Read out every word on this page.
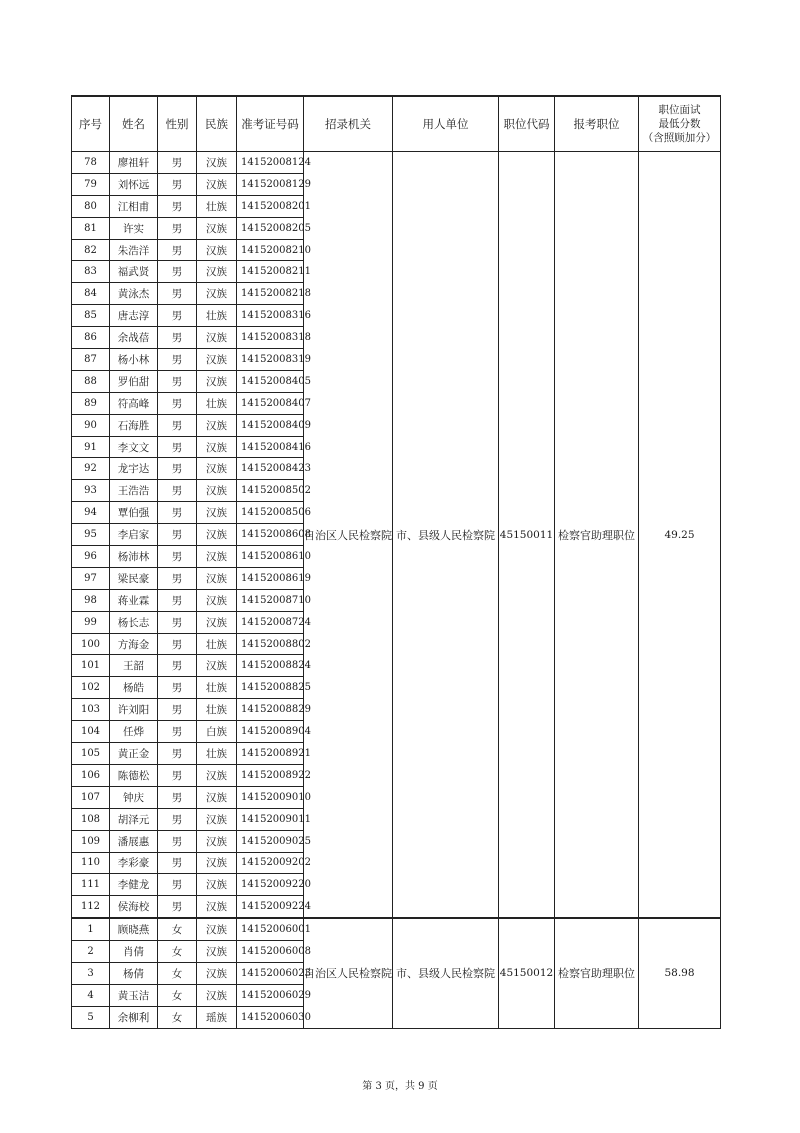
序号	姓名	性别	民族	准考证号码	招录机关	用人单位	职位代码	报考职位	职位面试
最低分数
（含照顾加分）
78	廖祖轩	男	汉族	14152008124	自治区人民检察院	市、县级人民检察院	45150011	检察官助理职位	49.25
79	刘怀远	男	汉族	14152008129					
80	江相甫	男	壮族	14152008201					
81	许实	男	汉族	14152008205					
82	朱浩洋	男	汉族	14152008210					
83	福武贤	男	汉族	14152008211					
84	黄泳杰	男	汉族	14152008218					
85	唐志淳	男	壮族	14152008316					
86	余战蓓	男	汉族	14152008318					
87	杨小林	男	汉族	14152008319					
88	罗伯甜	男	汉族	14152008405					
89	符高峰	男	壮族	14152008407					
90	石海胜	男	汉族	14152008409					
91	李文文	男	汉族	14152008416					
92	龙宇达	男	汉族	14152008423					
93	王浩浩	男	汉族	14152008502					
94	覃伯强	男	汉族	14152008506					
95	李启家	男	汉族	14152008608					
96	杨沛林	男	汉族	14152008610					
97	梁民豪	男	汉族	14152008619					
98	蒋业霖	男	汉族	14152008710					
99	杨长志	男	汉族	14152008724					
100	方海金	男	壮族	14152008802					
101	王韶	男	汉族	14152008824					
102	杨皓	男	壮族	14152008825					
103	许刘阳	男	壮族	14152008829					
104	任烨	男	白族	14152008904					
105	黄正金	男	壮族	14152008921					
106	陈德松	男	汉族	14152008922					
107	钟庆	男	汉族	14152009010					
108	胡泽元	男	汉族	14152009011					
109	潘展惠	男	汉族	14152009025					
110	李彩豪	男	汉族	14152009202					
111	李健龙	男	汉族	14152009220					
112	侯海校	男	汉族	14152009224					
1	顾晓燕	女	汉族	14152006001	自治区人民检察院	市、县级人民检察院	45150012	检察官助理职位	58.98
2	肖倩	女	汉族	14152006008					
3	杨倩	女	汉族	14152006023					
4	黄玉洁	女	汉族	14152006029					
5	余柳利	女	瑶族	14152006030					
第 3 页，共 9 页
